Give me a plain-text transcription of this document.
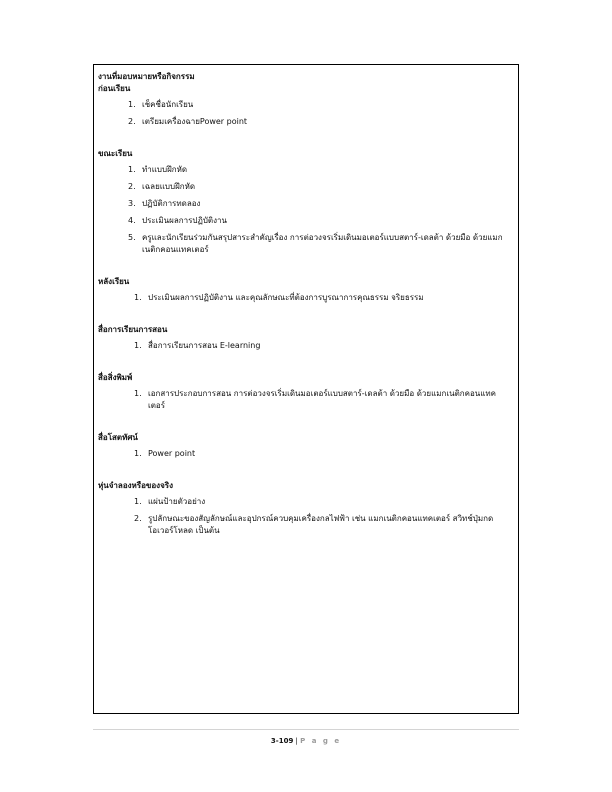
งานที่มอบหมายหรือกิจกรรม

ก่อนเรียน
1. เช็คชื่อนักเรียน
2. เตรียมเครื่องฉายPower point
ขณะเรียน
1. ทำแบบฝึกหัด
2. เฉลยแบบฝึกหัด
3. ปฏิบัติการทดลอง
4. ประเมินผลการปฏิบัติงาน
5. ครูและนักเรียนร่วมกันสรุปสาระสำคัญเรื่อง การต่อวงจรเริ่มเดินมอเตอร์แบบสตาร์-เดลต้า ด้วยมือ ด้วยแมกเนติกคอนแทคเตอร์
หลังเรียน
1. ประเมินผลการปฏิบัติงาน และคุณลักษณะที่ต้องการบูรณาการคุณธรรม จริยธรรม
สื่อการเรียนการสอน
1. สื่อการเรียนการสอน E-learning
สื่อสิ่งพิมพ์
1. เอกสารประกอบการสอน การต่อวงจรเริ่มเดินมอเตอร์แบบสตาร์-เดลต้า ด้วยมือ ด้วยแมกเนติกคอนแทคเตอร์
สื่อโสตทัศน์
1. Power point
หุ่นจำลองหรือของจริง
1. แผ่นป้ายตัวอย่าง
2. รูปลักษณะของสัญลักษณ์และอุปกรณ์ควบคุมเครื่องกลไฟฟ้า เช่น แมกเนติกคอนแทคเตอร์ สวิทช์ปุ่มกด โอเวอร์โหลด เป็นต้น
3-109 | P a g e
